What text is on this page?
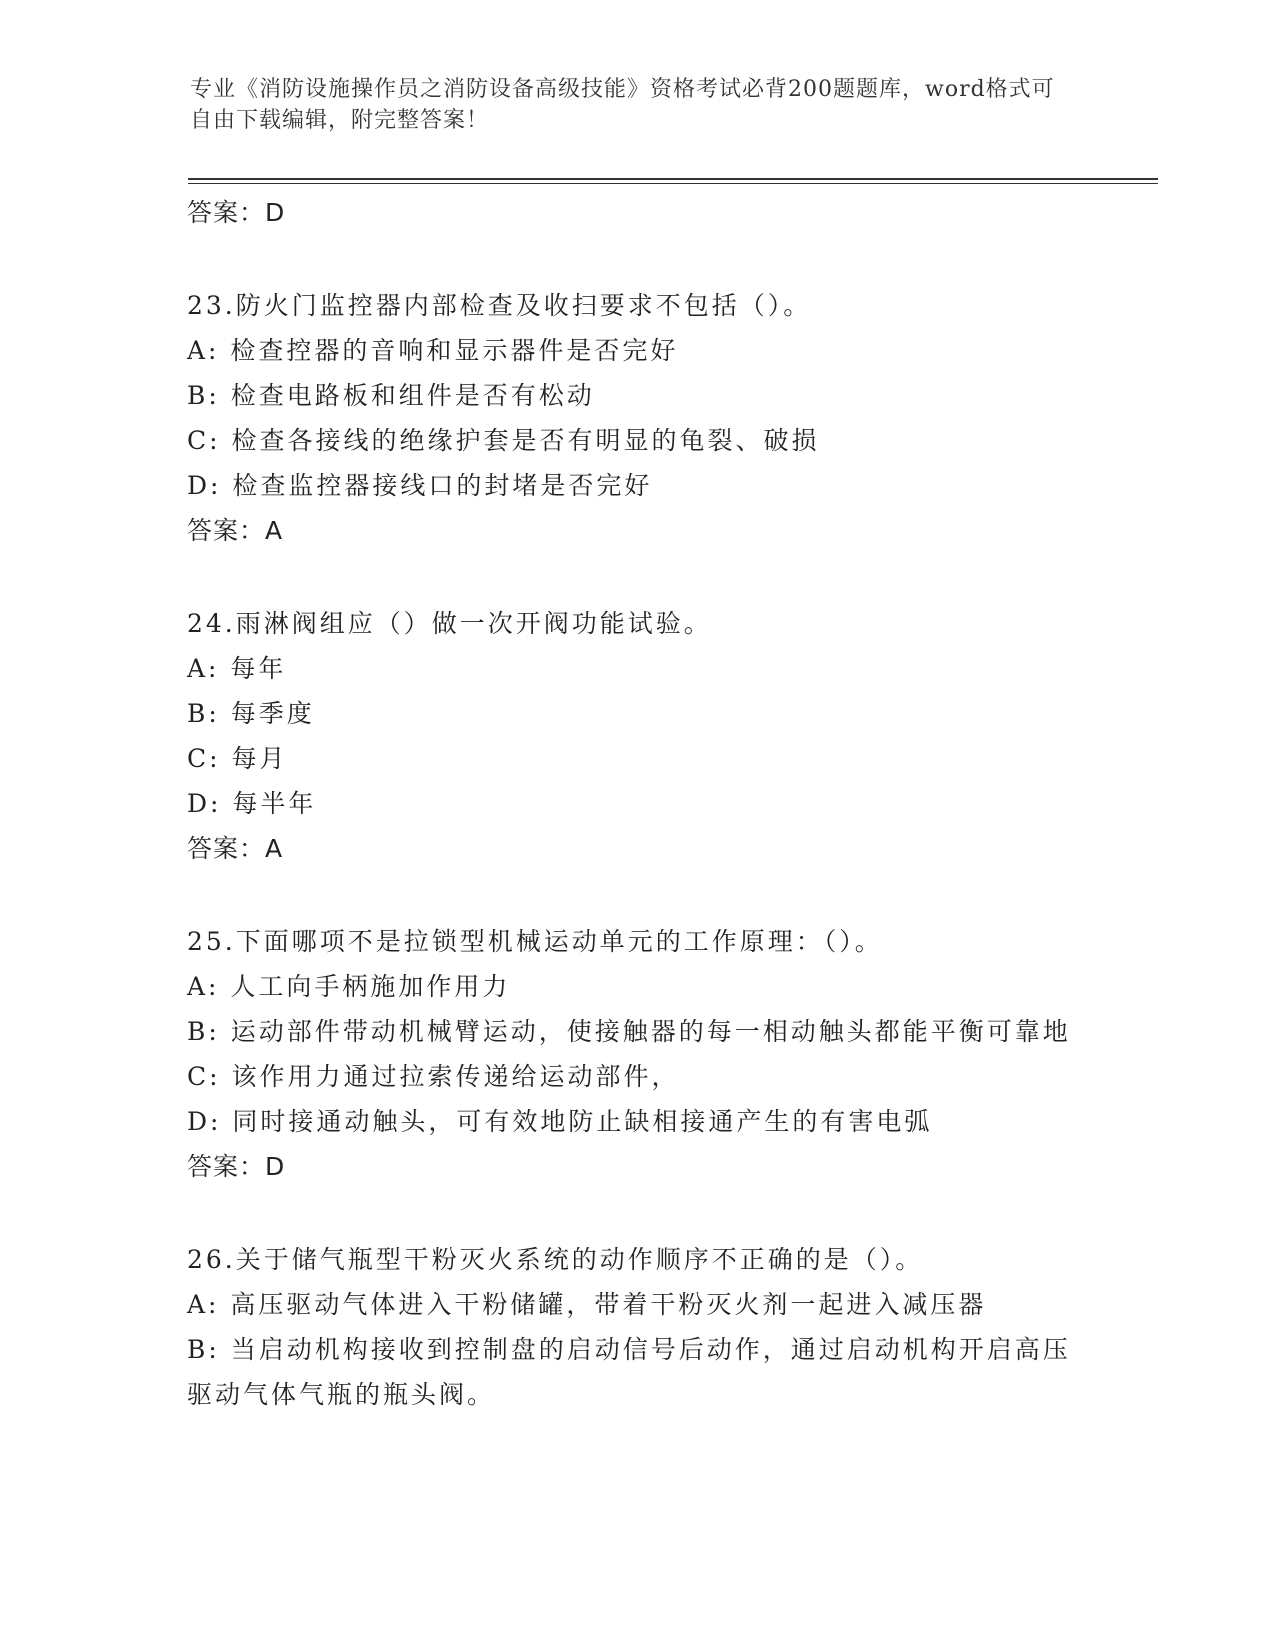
专业《消防设施操作员之消防设备高级技能》资格考试必背200题题库，word格式可自由下载编辑，附完整答案！
答案：D
23.防火门监控器内部检查及收扫要求不包括（）。
A: 检查控器的音响和显示器件是否完好
B: 检查电路板和组件是否有松动
C: 检查各接线的绝缘护套是否有明显的龟裂、破损
D: 检查监控器接线口的封堵是否完好
答案：A
24.雨淋阀组应（）做一次开阀功能试验。
A: 每年
B: 每季度
C: 每月
D: 每半年
答案：A
25.下面哪项不是拉锁型机械运动单元的工作原理：（）。
A: 人工向手柄施加作用力
B: 运动部件带动机械臂运动，使接触器的每一相动触头都能平衡可靠地
C: 该作用力通过拉索传递给运动部件，
D: 同时接通动触头，可有效地防止缺相接通产生的有害电弧
答案：D
26.关于储气瓶型干粉灭火系统的动作顺序不正确的是（）。
A: 高压驱动气体进入干粉储罐，带着干粉灭火剂一起进入减压器
B: 当启动机构接收到控制盘的启动信号后动作，通过启动机构开启高压驱动气体气瓶的瓶头阀。
